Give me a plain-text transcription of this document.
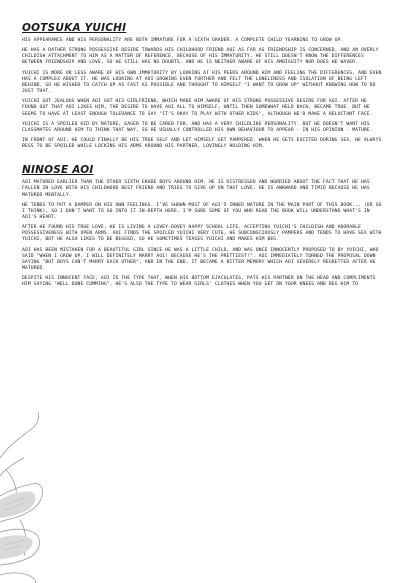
OOTSUKA YUICHI

HIS APPEARANCE AND HIS PERSONALITY ARE BOTH IMMATURE FOR A SIXTH GRADER. A COMPLETE CHILD YEARNING TO GROW UP.

HE HAS A RATHER STRONG POSSESSIVE DESIRE TOWARDS HIS CHILDHOOD FRIEND AOI AS FAR AS FRIENDSHIP IS CONCERNED, AND AN OVERLY CHILDISH ATTACHMENT TO HIM AS A MATTER OF REFERENCE. BECAUSE OF HIS IMMATURITY, HE STILL DOESN'T KNOW THE DIFFERENCES BETWEEN FRIENDSHIP AND LOVE, SO HE STILL HAS NO DOUBTS, AND HE IS NEITHER AWARE OF HIS AMBIGUITY NOR DOES HE WAVER.

YUICHI IS MORE OR LESS AWARE OF HIS OWN IMMATURITY BY LOOKING AT HIS PEERS AROUND HIM AND FEELING THE DIFFERENCES, AND EVEN HAS A COMPLEX ABOUT IT. HE WAS LOOKING AT AOI GROWING EVEN FURTHER AND FELT THE LONELINESS AND ISOLATION OF BEING LEFT BEHIND, SO HE WISHED TO CATCH UP AS FAST AS POSSIBLE AND THOUGHT TO HIMSELF "I WANT TO GROW UP" WITHOUT KNOWING HOW TO DO JUST THAT.

YUICHI GOT JEALOUS WHEN AOI GOT HIS GIRLFRIEND, WHICH MADE HIM AWARE OF HIS STRONG POSSESSIVE DESIRE FOR AOI. AFTER HE FOUND OUT THAT AOI LIKES HIM, THE DESIRE TO HAVE AOI ALL TO HIMSELF, UNTIL THEN SOMEWHAT HELD BACK, BECAME TRUE. BUT HE SEEMS TO HAVE AT LEAST ENOUGH TOLERANCE TO SAY "IT'S OKAY TO PLAY WITH OTHER KIDS", ALTHOUGH HE'D MAKE A RELUCTANT FACE.

YUICHI IS A SPOILED KID BY NATURE, EAGER TO BE CARED FOR, AND HAS A VERY CHILDLIKE PERSONALITY. BUT HE DOESN'T WANT HIS CLASSMATES AROUND HIM TO THINK THAT WAY, SO HE USUALLY CONTROLLED HIS OWN BEHAVIOUR TO APPEAR - IN HIS OPINION - MATURE.

IN FRONT OF AOI, HE COULD FINALLY BE HIS TRUE SELF AND LET HIMSELF GET PAMPERED. WHEN HE GETS EXCITED DURING SEX, HE ALWAYS BEGS TO BE SPOILED WHILE LOCKING HIS ARMS AROUND HIS PARTNER, LOVINGLY HOLDING HIM.

NINOSE AOI

AOI MATURED EARLIER THAN THE OTHER SIXTH GRADE BOYS AROUND HIM. HE IS DISTRESSED AND WORRIED ABOUT THE FACT THAT HE HAS FALLEN IN LOVE WITH HIS CHILDHOOD BEST FRIEND AND TRIES TO GIVE UP ON THAT LOVE. HE IS AWKWARD AND TIMID BECAUSE HE HAS MATURED MENTALLY.

HE TENDS TO PUT A DAMPER ON HIS OWN FEELINGS. I'VE SHOWN MOST OF AOI'S INNER NATURE IN THE MAIN PART OF THIS BOOK... (OR SO I THINK), SO I DON'T WANT TO GO INTO IT IN-DEPTH HERE. I'M SURE SOME OF YOU WHO READ THE BOOK WILL UNDERSTAND WHAT'S IN AOI'S HEART.

AFTER HE FOUND HIS TRUE LOVE, HE IS LIVING A LOVEY-DOVEY HAPPY SCHOOL LIFE, ACCEPTING YUICHI'S CHILDISH AND ADORABLE POSSESSIVENESS WITH OPEN ARMS. AOI FINDS THE SPOILED YUICHI VERY CUTE, HE SUBCONSCIOUSLY PAMPERS AND TENDS TO HAVE SEX WITH YUICHI, BUT HE ALSO LIKES TO BE BEGGED, SO HE SOMETIMES TEASES YUICHI AND MAKES HIM BEG.

AOI HAS BEEN MISTAKEN FOR A BEAUTIFUL GIRL SINCE HE WAS A LITTLE CHILD, AND WAS ONCE INNOCENTLY PROPOSED TO BY YUICHI, WHO SAID "WHEN I GROW UP, I WILL DEFINITELY MARRY AOI! BECAUSE HE'S THE PRETTIEST!". AOI IMMEDIATELY TURNED THE PROPOSAL DOWN SAYING "BUT BOYS CAN'T MARRY EACH OTHER", AND IN THE END, IT BECAME A BITTER MEMORY WHICH AOI SEVERELY REGRETTED AFTER HE MATURED.

DESPITE HIS INNOCENT FACE, AOI IS THE TYPE THAT, WHEN HIS BOTTOM EJACULATES, PATS HIS PARTNER ON THE HEAD AND COMPLIMENTS HIM SAYING "WELL DONE CUMMING". HE'S ALSO THE TYPE TO WEAR GIRLS' CLOTHES WHEN YOU GET ON YOUR KNEES AND BEG HIM TO
